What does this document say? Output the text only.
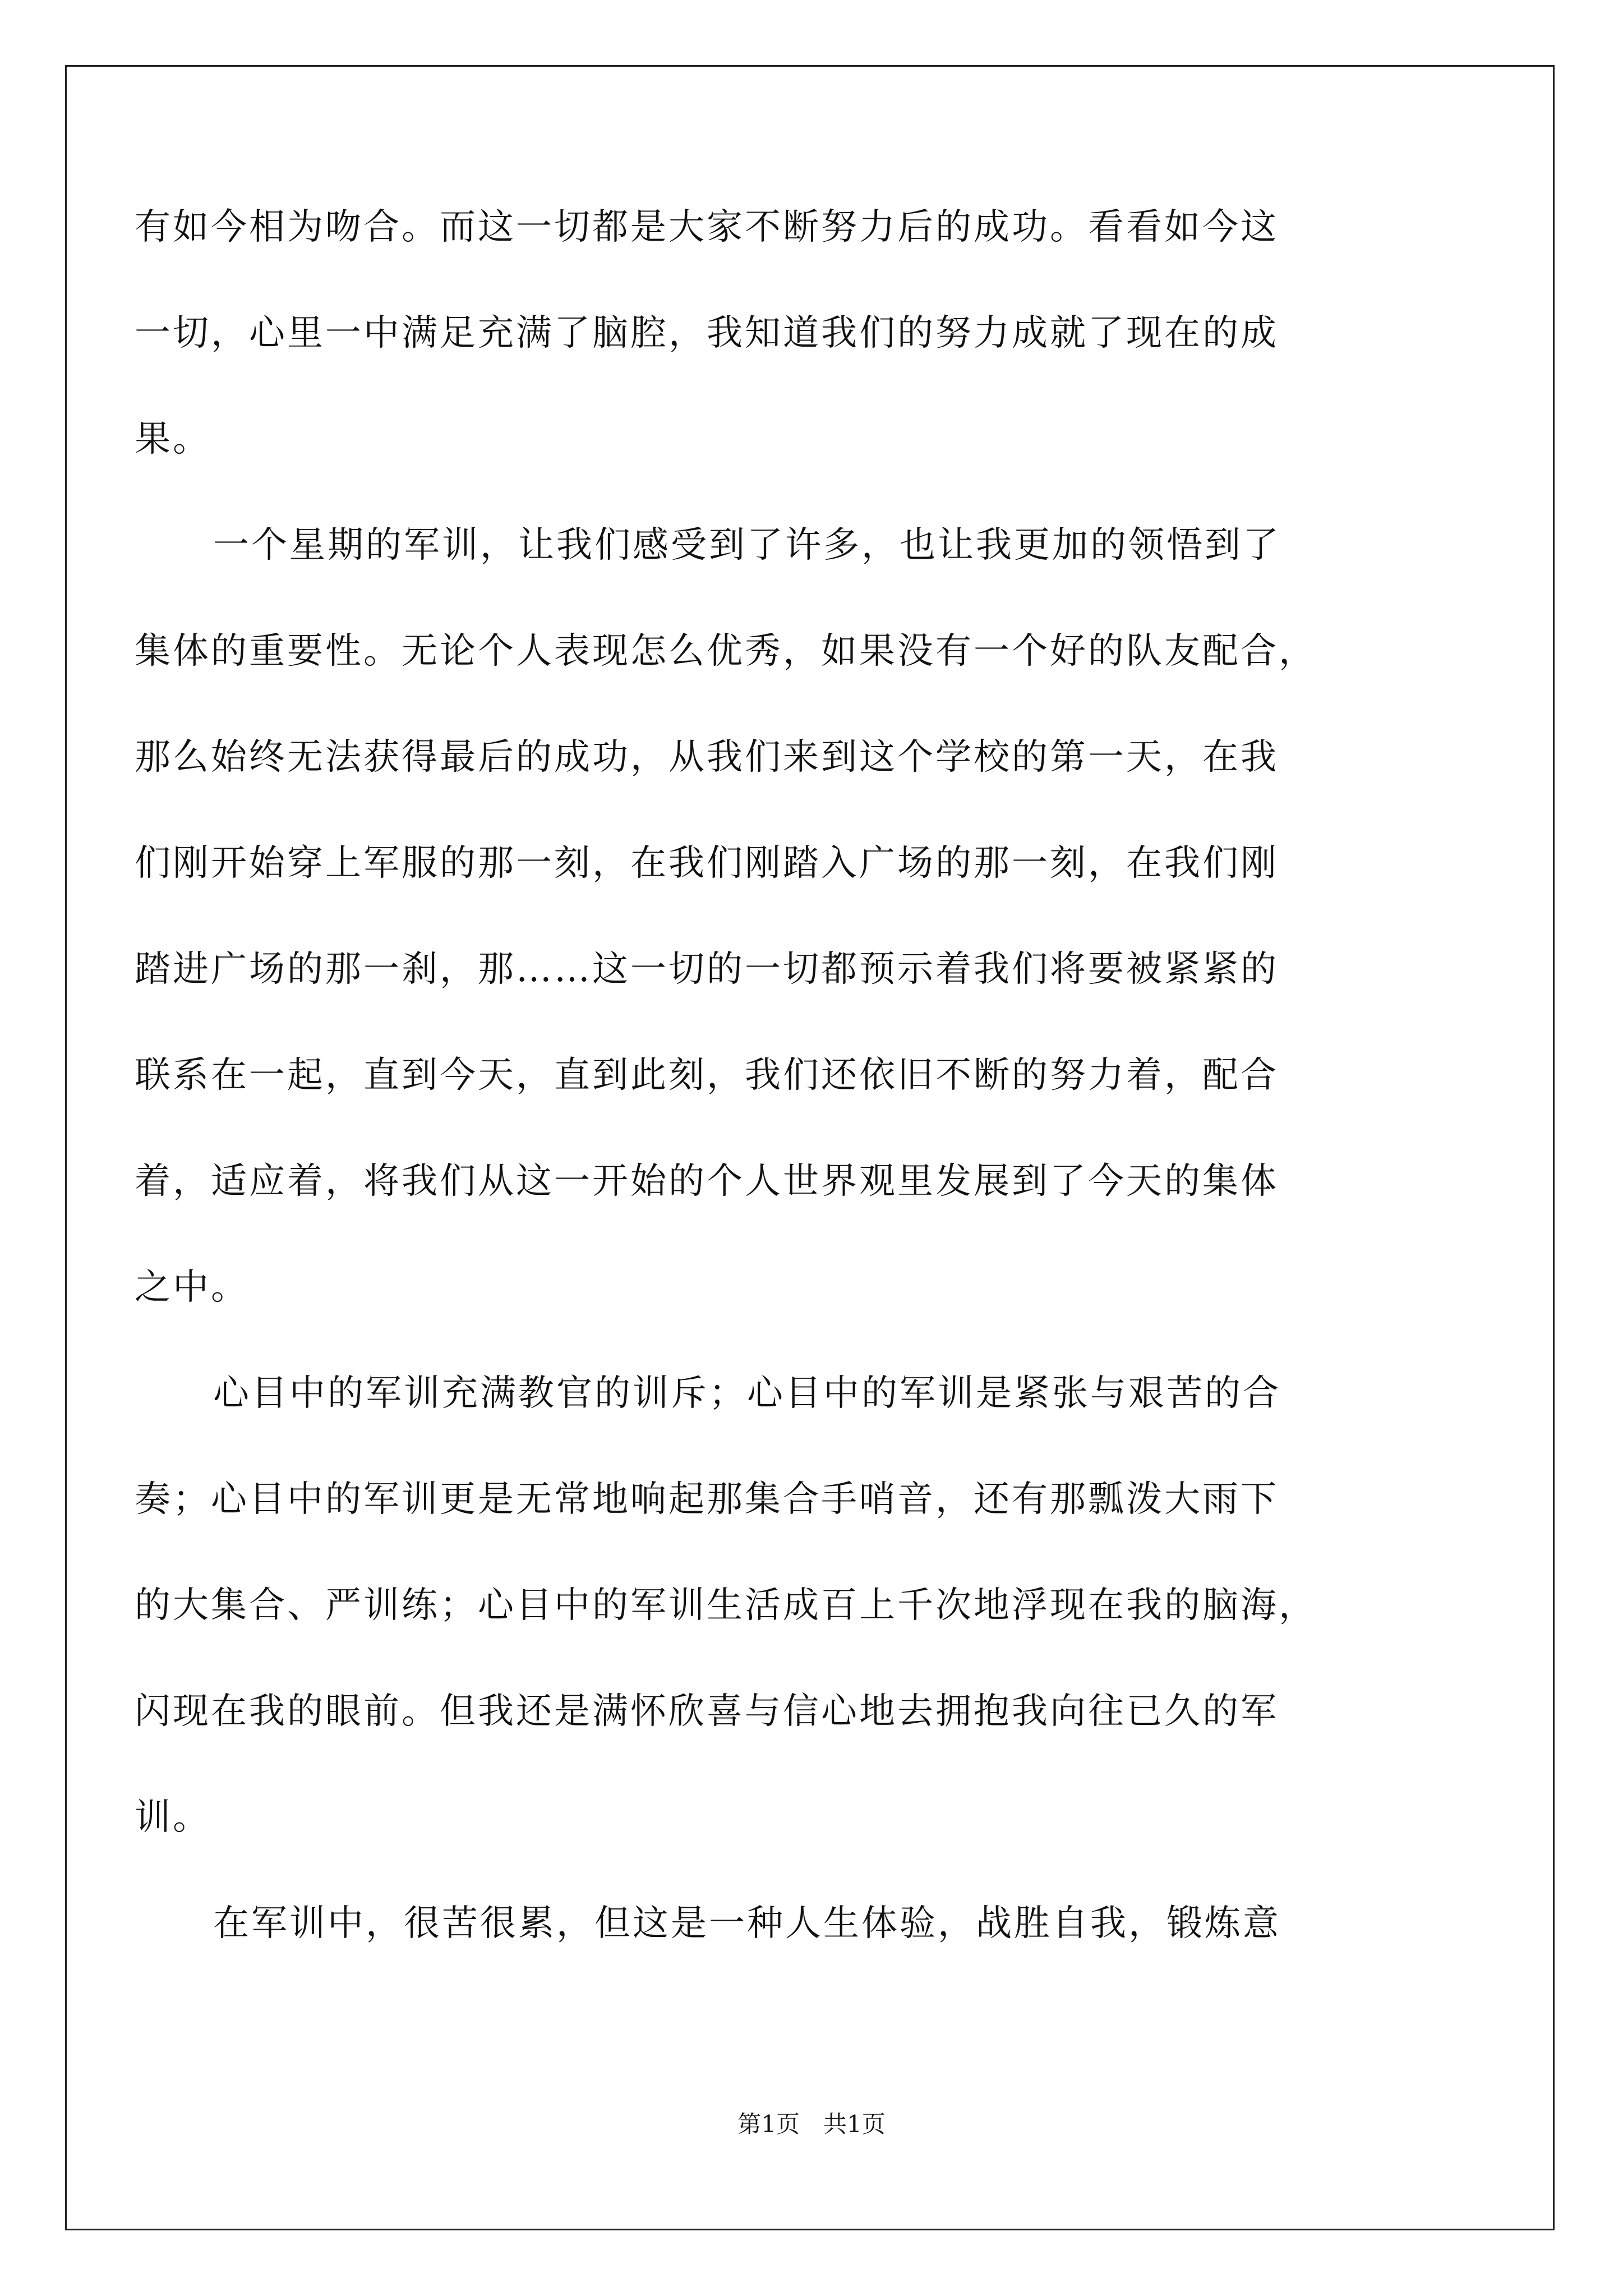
有如今相为吻合。而这一切都是大家不断努力后的成功。看看如今这
一切，心里一中满足充满了脑腔，我知道我们的努力成就了现在的成
果。
一个星期的军训，让我们感受到了许多，也让我更加的领悟到了
集体的重要性。无论个人表现怎么优秀，如果没有一个好的队友配合，
那么始终无法获得最后的成功，从我们来到这个学校的第一天，在我
们刚开始穿上军服的那一刻，在我们刚踏入广场的那一刻，在我们刚
踏进广场的那一刹，那……这一切的一切都预示着我们将要被紧紧的
联系在一起，直到今天，直到此刻，我们还依旧不断的努力着，配合
着，适应着，将我们从这一开始的个人世界观里发展到了今天的集体
之中。
心目中的军训充满教官的训斥；心目中的军训是紧张与艰苦的合
奏；心目中的军训更是无常地响起那集合手哨音，还有那瓢泼大雨下
的大集合、严训练；心目中的军训生活成百上千次地浮现在我的脑海，
闪现在我的眼前。但我还是满怀欣喜与信心地去拥抱我向往已久的军
训。
在军训中，很苦很累，但这是一种人生体验，战胜自我，锻炼意
第1页　共1页
